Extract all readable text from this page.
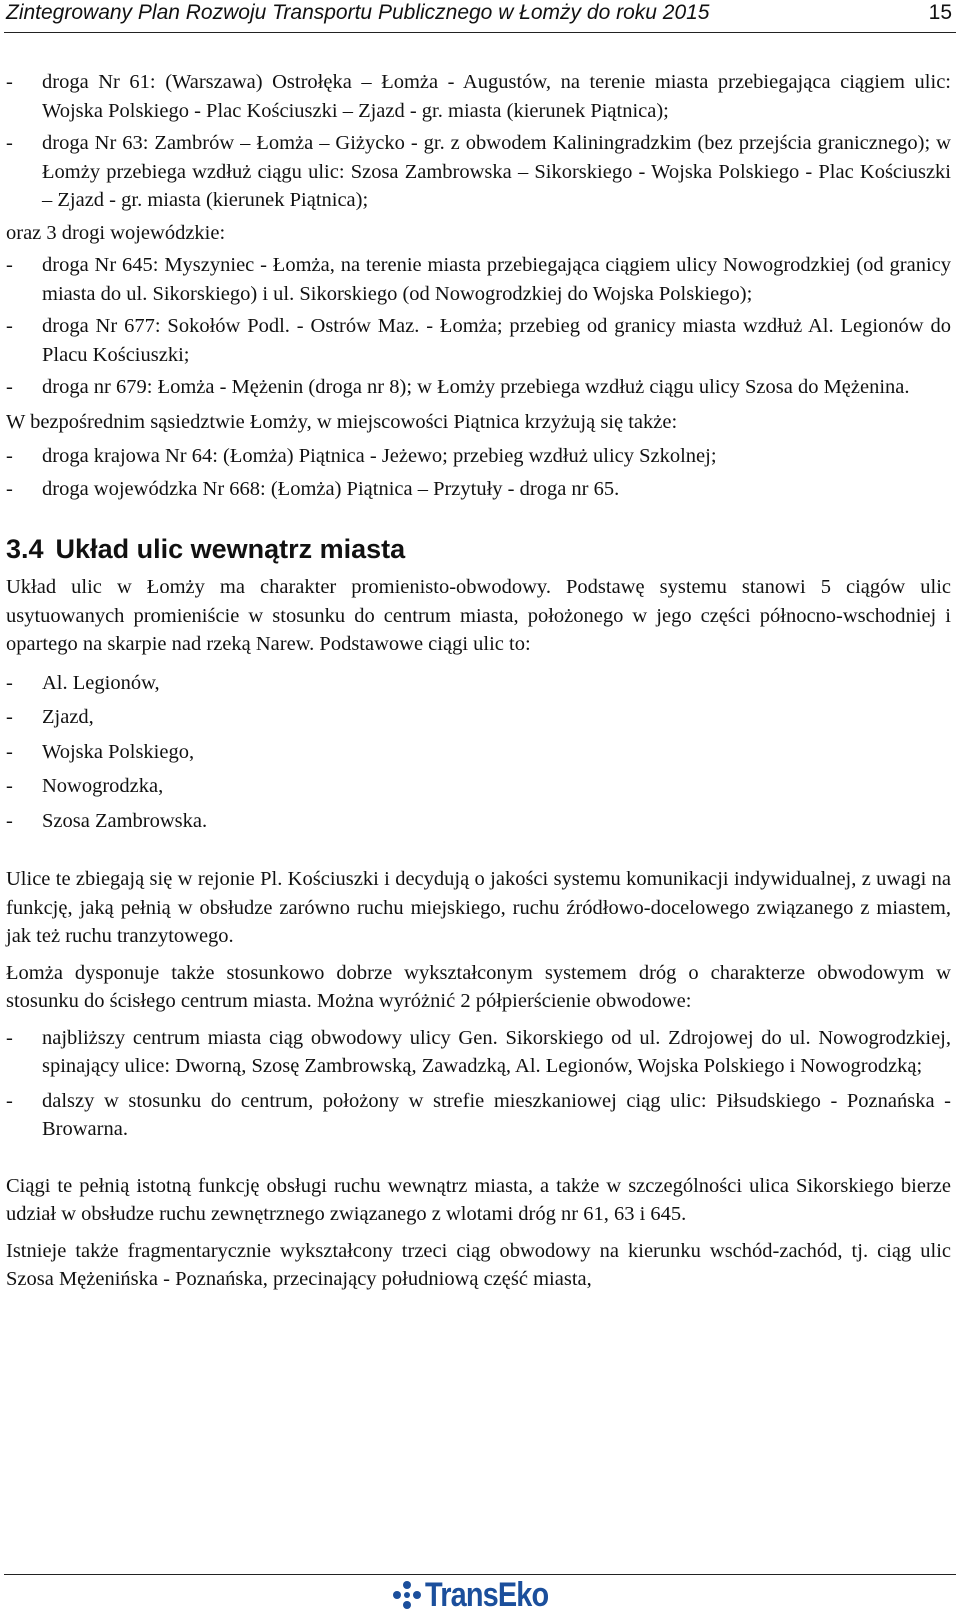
Zintegrowany Plan Rozwoju Transportu Publicznego w Łomży do roku 2015	15
-	droga Nr 61: (Warszawa) Ostrołęka – Łomża - Augustów, na terenie miasta przebiegająca ciągiem ulic: Wojska Polskiego - Plac Kościuszki – Zjazd - gr. miasta (kierunek Piątnica);
-	droga Nr 63: Zambrów – Łomża – Giżycko - gr. z obwodem Kaliningradzkim (bez przejścia granicznego); w Łomży przebiega wzdłuż ciągu ulic: Szosa Zambrowska – Sikorskiego - Wojska Polskiego - Plac Kościuszki – Zjazd - gr. miasta (kierunek Piątnica);

oraz 3 drogi wojewódzkie:

-	droga Nr 645: Myszyniec - Łomża, na terenie miasta przebiegająca ciągiem ulicy Nowogrodzkiej (od granicy miasta do ul. Sikorskiego) i ul. Sikorskiego (od Nowogrodzkiej do Wojska Polskiego);
-	droga Nr 677: Sokołów Podl. - Ostrów Maz. - Łomża; przebieg od granicy miasta wzdłuż Al. Legionów do Placu Kościuszki;
-	droga nr 679: Łomża - Mężenin (droga nr 8); w Łomży przebiega wzdłuż ciągu ulicy Szosa do Mężenina.

W bezpośrednim sąsiedztwie Łomży, w miejscowości Piątnica krzyżują się także:

-	droga krajowa Nr 64: (Łomża) Piątnica - Jeżewo; przebieg wzdłuż ulicy Szkolnej;
-	droga wojewódzka Nr 668: (Łomża) Piątnica – Przytuły - droga nr 65.
3.4 Układ ulic wewnątrz miasta

Układ ulic w Łomży ma charakter promienisto-obwodowy. Podstawę systemu stanowi 5 ciągów ulic usytuowanych promieniście w stosunku do centrum miasta, położonego w jego części północno-wschodniej i opartego na skarpie nad rzeką Narew. Podstawowe ciągi ulic to:

-	Al. Legionów,
-	Zjazd,
-	Wojska Polskiego,
-	Nowogrodzka,
-	Szosa Zambrowska.

Ulice te zbiegają się w rejonie Pl. Kościuszki i decydują o jakości systemu komunikacji indywidualnej, z uwagi na funkcję, jaką pełnią w obsłudze zarówno ruchu miejskiego, ruchu źródłowo-docelowego związanego z miastem, jak też ruchu tranzytowego.

Łomża dysponuje także stosunkowo dobrze wykształconym systemem dróg o charakterze obwodowym w stosunku do ścisłego centrum miasta. Można wyróżnić 2 półpierścienie obwodowe:

-	najbliższy centrum miasta ciąg obwodowy ulicy Gen. Sikorskiego od ul. Zdrojowej do ul. Nowogrodzkiej, spinający ulice: Dworną, Szosę Zambrowską, Zawadzką, Al. Legionów, Wojska Polskiego i Nowogrodzką;
-	dalszy w stosunku do centrum, położony w strefie mieszkaniowej ciąg ulic: Piłsudskiego - Poznańska - Browarna.

Ciągi te pełnią istotną funkcję obsługi ruchu wewnątrz miasta, a także w szczególności ulica Sikorskiego bierze udział w obsłudze ruchu zewnętrznego związanego z wlotami dróg nr 61, 63 i 645.

Istnieje także fragmentarycznie wykształcony trzeci ciąg obwodowy na kierunku wschód-zachód, tj. ciąg ulic Szosa Mężenińska - Poznańska, przecinający południową część miasta,

TransEko
